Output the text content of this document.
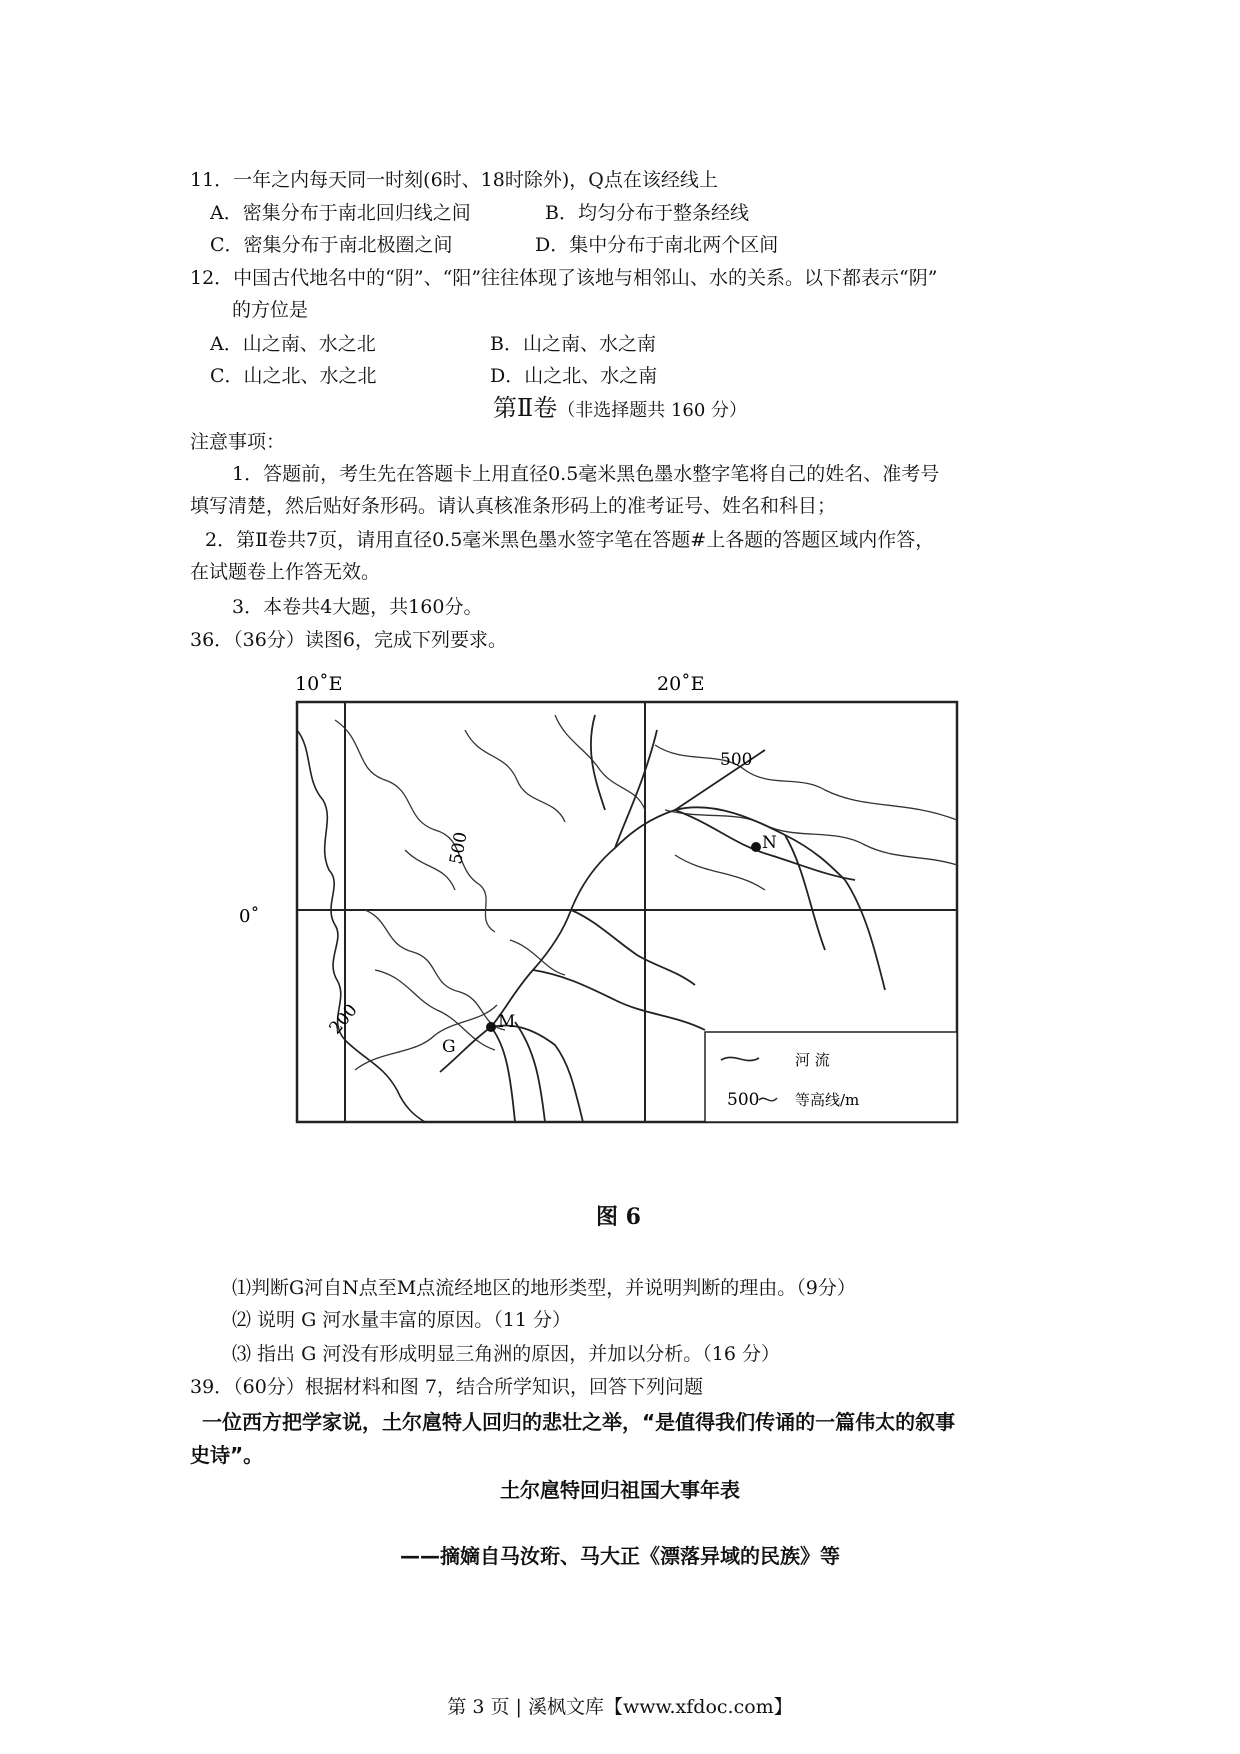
11．一年之内每天同一时刻(6时、18时除外)，Q点在该经线上
A．密集分布于南北回归线之间	B．均匀分布于整条经线
C．密集分布于南北极圈之间	D．集中分布于南北两个区间
12．中国古代地名中的“阴”、“阳”往往体现了该地与相邻山、水的关系。以下都表示“阴”
的方位是
A．山之南、水之北	B．山之南、水之南
C．山之北、水之北	D．山之北、水之南
第Ⅱ卷（非选择题共 160 分）
注意事项：
1．答题前，考生先在答题卡上用直径0.5毫米黑色墨水整字笔将自己的姓名、准考号
填写清楚，然后贴好条形码。请认真核准条形码上的准考证号、姓名和科目；
2．第Ⅱ卷共7页，请用直径0.5毫米黑色墨水签字笔在答题#上各题的答题区域内作答，
在试题卷上作答无效。
3．本卷共4大题，共160分。
36．（36分）读图6，完成下列要求。
10˚E	20˚E
0˚
500
500
200
N
M
G
河 流
500 等高线/m
图 6
⑴判断G河自N点至M点流经地区的地形类型，并说明判断的理由。（9分）
⑵ 说明 G 河水量丰富的原因。（11 分）
⑶ 指出 G 河没有形成明显三角洲的原因，并加以分析。（16 分）
39．（60分）根据材料和图 7，结合所学知识，回答下列问题
一位西方把学家说，土尔扈特人回归的悲壮之举，“是值得我们传诵的一篇伟太的叙事
史诗”。
土尔扈特回归祖国大事年表
——摘嫡自马汝珩、马大正《漂落异域的民族》等
第 3 页 | 溪枫文库【www.xfdoc.com】
